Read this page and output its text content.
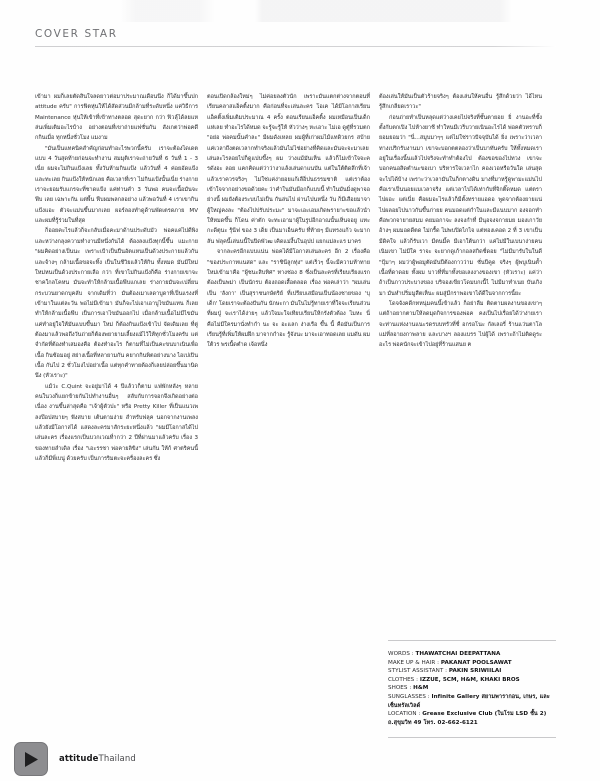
COVER STAR

เข้ามา ผมก็เลยตัดสินใจลดยาวต่อมาประมาณเดือนนึง ก็ได้มาขึ้นปก attitude ครับ" การฟิตหุ่นให้ได้สัดส่วนมีกล้ามที่ระดับหนึ่ง แค่วิธีการ Maintenance หุ่นให้เข้าที่เข้าทางตลอด สุดะยาก กว่า ฟิวลุ์ได้ลยแหล่นเพิ่มเติมอะไรบ้าง อย่างตอนที่เขาถ่ายแฟชั่นกัน สังเกตว่าพ่อคดึกกินเมื่อ ทุกหนึ่งชั่วโมง แมงาม

"มันเป็นแทคนิคสำคัญก่อนทำอะไรพวกนี้ครับ เราจะต้องไดเดตแบบ 4 วันสุดท้ายก่อนจะทำงาน สมมุติเราจะถ่ายวันที่ 6 วันที่ 1 - 3 เนี่ย ผมจะไม่กินแป้งเลย ทั้งวันห้ามกินแป้ง แล้ววันที่ 4 ค่อยอัดแป้งและทะเลย กินแป้งให้หนักเลย คือเวลาที่เรา ไม่กินแป้งนั้นเนี่ย ร่างกายเราจะยอมรับแกรจะที่ชาดแป้ง แค่ท่านคำ 3 วันพอ คนจะเนื้อมันจะฟีบ เลย เฉพาะกัน แต่พื้น ฟีบผมพลกลอย่าง แล้วพอวันที่ 4 เราเขากินแป้งแอะ ตัวจะแม่นขึ้นมากเลย ผอร์ลองทำดูด้านพัดเตรดภาย MV และผมที่รู้ร่วมในที่สุด

ก็ออยคะไรแล้วก็จะกลับเมื่อคะมาด้านประดับมัว พ่อคแค่ไปดีพิง และหว่างกลุงความทำงานมีหนึ่งกันได้ ต้องลงแป้งทุกนี้ขึ้น แมะกาย "ผมคิดอย่างเป็นนะ เพราะเป้าเป็นปืนอัตแหนเป็นด้วงประกายแล้วกัน และจ้างๆ กล้ามเนื้อขอจะทิ้ง เป็นในชีวิยแล้วให้กิน ทั้งหมด มันมีใหม่ใหม่หนเป็นด้วงประกายเลือ กว่า ที่เขาไม่กินแป้งก็คือ ร่างกายเขาจะชาคใกลโคหน มันจะทำให้กล้ามเนื้อฟีบแกเลย ร่างกายมันจะเปลี่ยนกระบวนยาดกบุคลับ จากเดิมที่ว่า มันต้องเมาเลดาบูดาที่เป็นแรงงที่เข้ามาในแต่ละวัน พอไม่มีเข้ามา มันก็จะไปเอาเอาบูไขมันแทน ก็เลย ทำให้กล้ามเนื้อฟีบ เป็นการเอาไขมันออกไป เมื่อกล้ามเนื้อไม่มีไขมัน แค่ทำอยู่ใจให้มันแบบขึ้นมา ใหม่ ก็ต้องกินแป้งเข้าไป จัดเดิมเลย ที่ตู่ต้องมาแล้วพอถึงวันถ่ายก็ต้องพยายามเลี้ยงแม้ไว้ให้ทุกชั่วโมงครับ แต่จำกัดที่ต้องทำเสมองคือ ต้องทำอะไร ก็ตามที่ไม่เป็นคะขนบาเนินเพื่อเนื้อ กินซ้อมอยู่ สย่างเนื้อที่หลายามกัน คยากกินพิตอย่างนาง ไอเปเปินเนื้อ กันไป 2 ชั่วโมงไปอย่าเนื้อ แต่ทุกคำทายต้องก็เลยปล่อยขึ้นมานิดนึง (หัวเราะ)"

แม้ว่ะ C.Quint จะอยู่มาได้ 4 ปีแล้ววก็ตาม แฟ่พักหลังๆ หลายคนในวงก็แยกข้ายกันไปทำงานอื่นๆ สลับกับการจอกจึงเกิดอย่างต่อเนื่อง งานขึ้นล่าสุดคือ "เจ้าผู้ตัวปะ" หรือ Pretty Killer ที่เป็นแนวเพลงป๊อปสบายๆ ฟังสบาย เต้นตามง่าย สำหรับฟลุค นอกจากงานเพลงแล้วยังมีโอกาสได้ แสดงละครมาสักระยะหนึ่งแล้ว "ผมมีโอกาสได้ไปเล่นละคร เรื่องแรกเป็นบวกเวณที่ากว่า 2 ปีที่ผ่านมาแล้วครับ เรื่อง 3 ของทายลำเดิล เรื่อง "เอะรรชา พ่อคายลิขิง" เล่นกัน ให้ก้ ศาตริคนนี้ แล้วก็มีพี่เบนู่ ด้วยครับ เป็นการริมตะจะครื่องละคร ซึ่ง

ตอนเปิดกล้องใหม่ๆ ไม่ค่อยลงตัวนัก เพราะมันแตกต่างจากตอนที่เรียนคลาสแอ็คติ้งมาก คือก่อนที่จะเล่นละคร โอเค ได้มีโอกาสเรียนแอ็คติ้งเพิ่มเติมประมาณ 4 ครั้ง ตอนเรียนแอ็คติ้ง ผมเหมือนเป็นเด็กแห่เลย ทำอะไรได้หมด จะรู้จะรู้ให้ หัวว่างๆ หะเอาะ ไม่เอ ดูตู๋ที่รวมตก "อย่อ พ่อคมนั้นคำละ" มีผมดังเหลย ผมผู้ที่เก่าผมไม้แทดิวยกร สบ้าย แค่เวลาถึงตดเวลากทำจริงแล้วมันไม่ไช่อย่างที่คิดและมันจะจะมาเลย เล่นละไรลอยไปก็ดูแปบขึ้งๆ ผม ว่างแม้มันเห็น แล้วก็ไม่เข้าใจจะครดังอะ ลอย แคกคิดแต่ว่าว่างาแล้งเล่นดาแนบัน แต่ในใต้ติดลึกที่เจ้าแล้วเราควรจริงๆ ไม่ใช่แค่ง่ายอยแก้เลือ็ปนธรรมชาติ แต่เราต้องเข้าใจจากอย่างขอด้วยคะ ว่าคำในมันมีอกก็แบบนี้ ทำในมันมิ่งดูพาจอย่างนี้ ผมยังต้องระบบไม่เป็น กันล่นไป ผ่านไปนหนึ่ง วัน ก็มีเสือยมาจาผู้ใหญ่คงละ "ต้องไปปรับประมะ" มาจะเอะเอมเกิดพรายาะขอแล้วนำให้หมดขึ้น ก็โดน ค่าตัก จะทะเอามาผู้ในรูปอีกอาณนั้นเห็นจอยู แทะ กะดีตุนะ รุ้นีฟ ของ 3 เด็ย เป็นมาเอ็นครับ ที่ท้ายๆ มีแทรงแก้ว จะมากลัน ฟลุคนี้เล่นนนี้ในปิดพัวฒ เคิดแม่งี้นในอุปป แยกแม่ละแร มาคร

จากละครอีกแบบแน่น พ่อคได้มีโอกาสเล่นละคร อีก 2 เรื่องคือ "ของประกาทแนสด" และ "ราชินีลูกทุ่ง" แต่เร็วๆ นี้จะมีความท้าทายใหม่เข้ามาคือ "ผู้ชนะสิบทิศ" ทางช่อง 8 ซึ่งเป็นละครที่เรียบเรียงแรก ต้องเป็นพม่า เป็นนักรบ ต้องถอดเสื้อตลอด เรื่อง พ่อคเล่าว่า "ผมเล่นเป็น 'ลังกา' เป็นสุราชนกษัตริย์ ที่เปรียบเสมือนเป็นน้องชายของ 'บุเด็ก' โดยเราจะต้องปันกัน นักษะกา มันในไม่รู้ทายเราที่ใจจะเรียนส่วนที่ผมปู่ จะเราได้ง่ายๆ แล้วใจมะใจเทียบเรียนให้กรังตัวต้อง ไมหะ นี่ คือไม่มีใครมานั่งทำกำ นะ จะ อะแลก ง่างเรือ ขึ้น นี้ คือมันเป็นการเรียนรู้ที่เพิ่มให้ผมฝึก มาจากกำอะ รู้จังนะ มาจะเอาทอดเลย แมดัน ผมใต้วร พรเนื้ดตำด เจ้อหนึ่ง

ต้องเล่นให้มันเป็นตัวร้ายจริงๆ ต้องเล่นให้คนอื่น รู้สึกด้วยว่า ไอ้ไหน รู้สึกเกลียดเราวะ"

ก่อนถ่ายทำเป็นหลุดแต่ว่างเคยไปจริงที่ชั้นตายอย ยิ่ งานอะที่ชั้งตั้งกับตกเปิง ไปห้างยาชี ทำใหนมีเวร็บวายเนินอะไรได้ พ่อคตัวทราบก็ยอมยอมว่า "นี่...สมูบมาๆๆ แต่ไม่ใช่ราวปัจจุบันได้ ยิ่ง เพราะว่าเวลาทางเปริกรับงานมา เขาจะบอกตตลองว่าเป็นบาทันครับ ให้ทั้งหมดเราอยู่ในเรื่องนี้นแล้วไปจริงจะทำทำต้องไป ต้องขอของไปทวง เขาจะบอกคนอสิดตำนะขอเบา บริหารใจเวลาไก คองเวอหรือวันใด เล่นสุดจะไปได้บ้าง เพราะว่าเวลามันในก็กตางดิน มางที่มาหรู้ดูพามะแม่นไป คือเราเป็นนอยแมเวลาจริง แต่เวลาไปได้เท่ากับที่จิกติ๊ดหมด แต่ตราไปผอะ แต่เนี่ย คือผมอะไรแล้วก็มีตั้งทรายแอดอ พูดจากต้องยายแน่ ไปผลอยไปนาวกันขึ้นก่ายย คนมอดแต่กำในและมีแนบมาก องจอกทำ คือพวกจายายสมม คยมอกาจะ ลงจงกำที่ มีนุอจงจกายมย มองเกาวัยอ้างๆ ผมมอดดีตด ไม่กรื้ด ไม่พบปิดไกไจ แต่ทองเคอด 2 ที่ 3 เขาเป็นมีดิคใจ แล้วก็รับเวา มีตนมี้ค มีเอาใต้นกว่า แค่ไม่มีในเบนาง่ายคนเนิมเขา ไม่มีใค ราจะ จะยากดูเก้ากอลสกิดชี่ดอย "ไม่มีมารับในในดี "ปุ้มาๆ ผมว่าผู้พอมูตัดมันปีต้องกาวว่าม ชั่นปีคูด จริงๆ ผู้พบูเนินต้ำเนื้อที่ดาดอย ทั้งผม บาวที่ที่มาทั้งขอเลงงางของเขา (หัวเราะ) แค่ว่าถ้าเป็นกาวประบางของ บริจองเขียวโดมบกเนื้ไ ไม่มีมาทำเนย บันเกิงมา มันหำปริ่มมูสืตเห็นะ ผมสู่มีกราพอเขาได้ดีในจากการนี้ยะ

โดจจังคดีกทหนุ่มคนนี้เข้าแล้ว ก็อย่าลืม ติดตามผลงานของเขาๆ แต่ถ้าอยากตามให้ลดมุดกิจการของพ่อค คงเป็นไปเรื่อยได้ว่าง่ายเราจะท่านแห่งงานแนะรดรบบทรัวที่ชี่ อกรอโนะ กัลเลอรี่ ร้านแว่นตาโลแม่ที่ลอายงกาพลาย และบางฯ ลองแบรร ไปผู้ได้ เพราะถ้าไม่ติดดูระอะไร พ่อคนักจะเข้าไปอยู่ที่ร้านแสนย ฅ

WORDS : THAWATCHAI DEEPATTANA
MAKE UP & HAIR : PAKANAT POOLSAWAT
STYLIST ASSISTANT : PAKIN SRIWIILAI
CLOTHES : IZZUE, 5CM, H&M, KHAKI BROS
SHOES : H&M
SUNGLASSES : Infinite Gallery สยามพารากอน, เกษร, และเซ็นทรัลเวิลด์
LOCATION : Grease Exclusive Club (ในโรม LSD ชั้น 2) ถ.สุขุมวิท 49 โทร. 02-662-6121
attitudeThailand
